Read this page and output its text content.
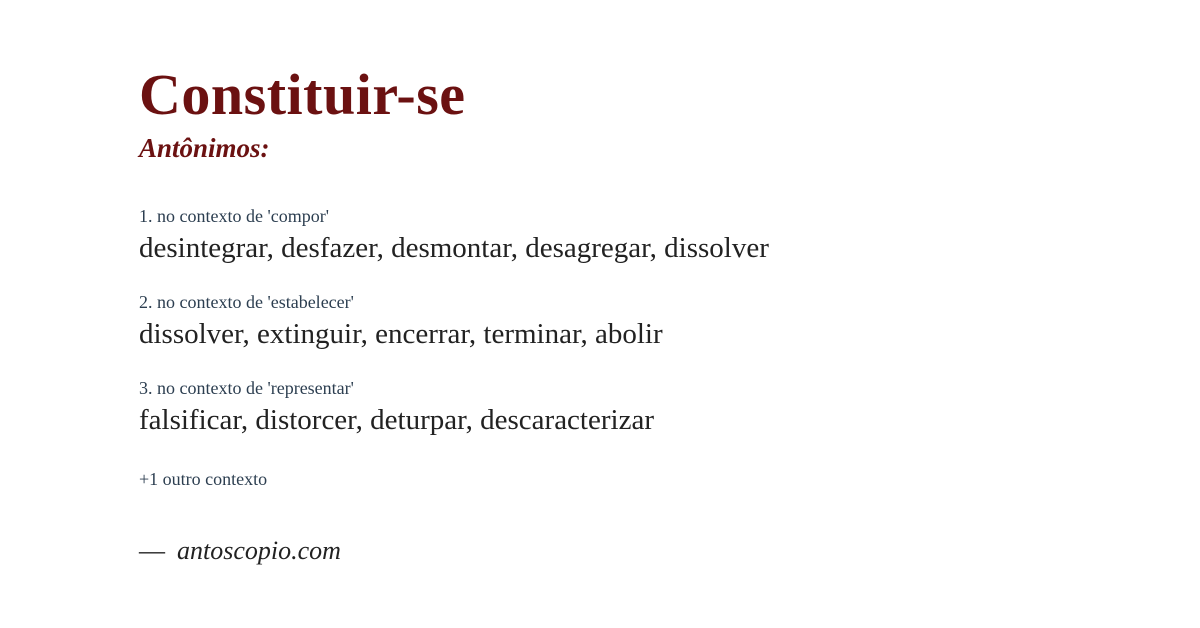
Constituir-se
Antônimos:
1. no contexto de 'compor'
desintegrar, desfazer, desmontar, desagregar, dissolver
2. no contexto de 'estabelecer'
dissolver, extinguir, encerrar, terminar, abolir
3. no contexto de 'representar'
falsificar, distorcer, deturpar, descaracterizar
+1 outro contexto
— antoscopio.com
